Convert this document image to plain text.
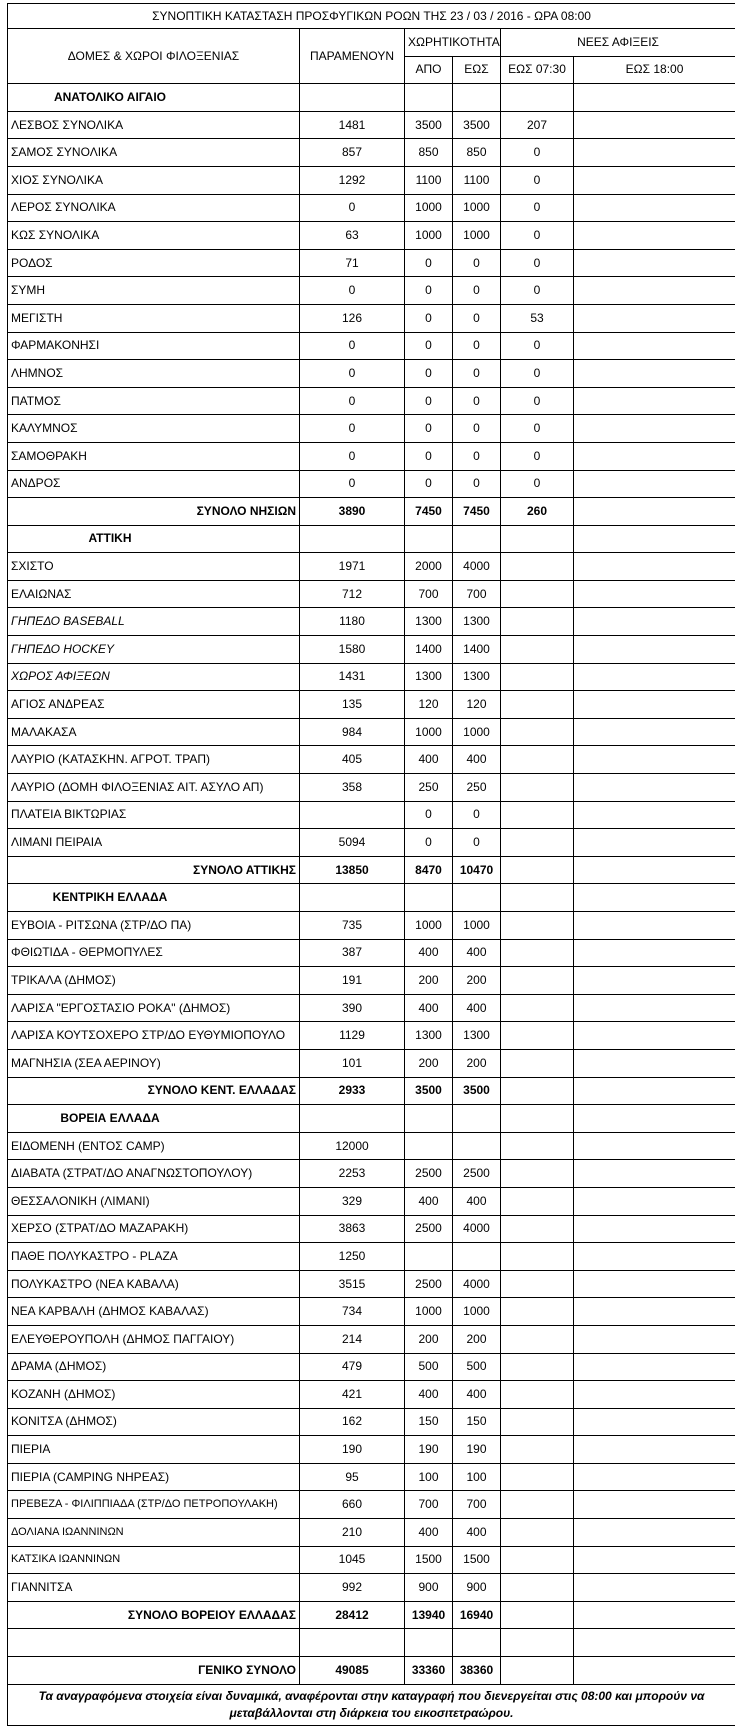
ΣΥΝΟΠΤΙΚΗ ΚΑΤΑΣΤΑΣΗ ΠΡΟΣΦΥΓΙΚΩΝ ΡΟΩΝ ΤΗΣ 23 / 03 / 2016 - ΩΡΑ 08:00					
ΔΟΜΕΣ & ΧΩΡΟΙ ΦΙΛΟΞΕΝΙΑΣ	ΠΑΡΑΜΕΝΟΥΝ	ΧΩΡΗΤΙΚΟΤΗΤΑ		ΝΕΕΣ ΑΦΙΞΕΙΣ	
		ΑΠΟ	ΕΩΣ	ΕΩΣ 07:30	ΕΩΣ 18:00
ΑΝΑΤΟΛΙΚΟ ΑΙΓΑΙΟ					
ΛΕΣΒΟΣ ΣΥΝΟΛΙΚΑ	1481	3500	3500	207	
ΣΑΜΟΣ ΣΥΝΟΛΙΚΑ	857	850	850	0	
ΧΙΟΣ ΣΥΝΟΛΙΚΑ	1292	1100	1100	0	
ΛΕΡΟΣ ΣΥΝΟΛΙΚΑ	0	1000	1000	0	
ΚΩΣ ΣΥΝΟΛΙΚΑ	63	1000	1000	0	
ΡΟΔΟΣ	71	0	0	0	
ΣΥΜΗ	0	0	0	0	
ΜΕΓΙΣΤΗ	126	0	0	53	
ΦΑΡΜΑΚΟΝΗΣΙ	0	0	0	0	
ΛΗΜΝΟΣ	0	0	0	0	
ΠΑΤΜΟΣ	0	0	0	0	
ΚΑΛΥΜΝΟΣ	0	0	0	0	
ΣΑΜΟΘΡΑΚΗ	0	0	0	0	
ΑΝΔΡΟΣ	0	0	0	0	
ΣΥΝΟΛΟ ΝΗΣΙΩΝ	3890	7450	7450	260	
ΑΤΤΙΚΗ					
ΣΧΙΣΤΟ	1971	2000	4000		
ΕΛΑΙΩΝΑΣ	712	700	700		
ΓΗΠΕΔΟ BASEBALL	1180	1300	1300		
ΓΗΠΕΔΟ HOCKEY	1580	1400	1400		
ΧΩΡΟΣ ΑΦΙΞΕΩΝ	1431	1300	1300		
ΑΓΙΟΣ ΑΝΔΡΕΑΣ	135	120	120		
ΜΑΛΑΚΑΣΑ	984	1000	1000		
ΛΑΥΡΙΟ (ΚΑΤΑΣΚΗΝ. ΑΓΡΟΤ. ΤΡΑΠ)	405	400	400		
ΛΑΥΡΙΟ (ΔΟΜΗ ΦΙΛΟΞΕΝΙΑΣ ΑΙΤ. ΑΣΥΛΟ ΑΠ)	358	250	250		
ΠΛΑΤΕΙΑ ΒΙΚΤΩΡΙΑΣ		0	0		
ΛΙΜΑΝΙ ΠΕΙΡΑΙΑ	5094	0	0		
ΣΥΝΟΛΟ ΑΤΤΙΚΗΣ	13850	8470	10470		
ΚΕΝΤΡΙΚΗ ΕΛΛΑΔΑ					
ΕΥΒΟΙΑ - ΡΙΤΣΩΝΑ (ΣΤΡ/ΔΟ ΠΑ)	735	1000	1000		
ΦΘΙΩΤΙΔΑ - ΘΕΡΜΟΠΥΛΕΣ	387	400	400		
ΤΡΙΚΑΛΑ (ΔΗΜΟΣ)	191	200	200		
ΛΑΡΙΣΑ "ΕΡΓΟΣΤΑΣΙΟ ΡΟΚΑ" (ΔΗΜΟΣ)	390	400	400		
ΛΑΡΙΣΑ ΚΟΥΤΣΟΧΕΡΟ ΣΤΡ/ΔΟ ΕΥΘΥΜΙΟΠΟΥΛΟ	1129	1300	1300		
ΜΑΓΝΗΣΙΑ (ΣΕΑ ΑΕΡΙΝΟΥ)	101	200	200		
ΣΥΝΟΛΟ ΚΕΝΤ. ΕΛΛΑΔΑΣ	2933	3500	3500		
ΒΟΡΕΙΑ ΕΛΛΑΔΑ					
ΕΙΔΟΜΕΝΗ (ΕΝΤΟΣ CAMP)	12000				
ΔΙΑΒΑΤΑ (ΣΤΡΑΤ/ΔΟ ΑΝΑΓΝΩΣΤΟΠΟΥΛΟΥ)	2253	2500	2500		
ΘΕΣΣΑΛΟΝΙΚΗ (ΛΙΜΑΝΙ)	329	400	400		
ΧΕΡΣΟ (ΣΤΡΑΤ/ΔΟ ΜΑΖΑΡΑΚΗ)	3863	2500	4000		
ΠΑΘΕ ΠΟΛΥΚΑΣΤΡΟ - PLAZA	1250				
ΠΟΛΥΚΑΣΤΡΟ (ΝΕΑ ΚΑΒΑΛΑ)	3515	2500	4000		
ΝΕΑ ΚΑΡΒΑΛΗ (ΔΗΜΟΣ ΚΑΒΑΛΑΣ)	734	1000	1000		
ΕΛΕΥΘΕΡΟΥΠΟΛΗ (ΔΗΜΟΣ ΠΑΓΓΑΙΟΥ)	214	200	200		
ΔΡΑΜΑ (ΔΗΜΟΣ)	479	500	500		
ΚΟΖΑΝΗ (ΔΗΜΟΣ)	421	400	400		
ΚΟΝΙΤΣΑ (ΔΗΜΟΣ)	162	150	150		
ΠΙΕΡΙΑ	190	190	190		
ΠΙΕΡΙΑ (CAMPING ΝΗΡΕΑΣ)	95	100	100		
ΠΡΕΒΕΖΑ - ΦΙΛΙΠΠΙΑΔΑ (ΣΤΡ/ΔΟ ΠΕΤΡΟΠΟΥΛΑΚΗ)	660	700	700		
ΔΟΛΙΑΝΑ ΙΩΑΝΝΙΝΩΝ	210	400	400		
ΚΑΤΣΙΚΑ ΙΩΑΝΝΙΝΩΝ	1045	1500	1500		
ΓΙΑΝΝΙΤΣΑ	992	900	900		
ΣΥΝΟΛΟ ΒΟΡΕΙΟΥ ΕΛΛΑΔΑΣ	28412	13940	16940		

ΓΕΝΙΚΟ ΣΥΝΟΛΟ	49085	33360	38360		
Τα αναγραφόμενα στοιχεία είναι δυναμικά, αναφέρονται στην καταγραφή που διενεργείται στις 08:00 και μπορούν να μεταβάλλονται στη διάρκεια του εικοσιτετραώρου.					
